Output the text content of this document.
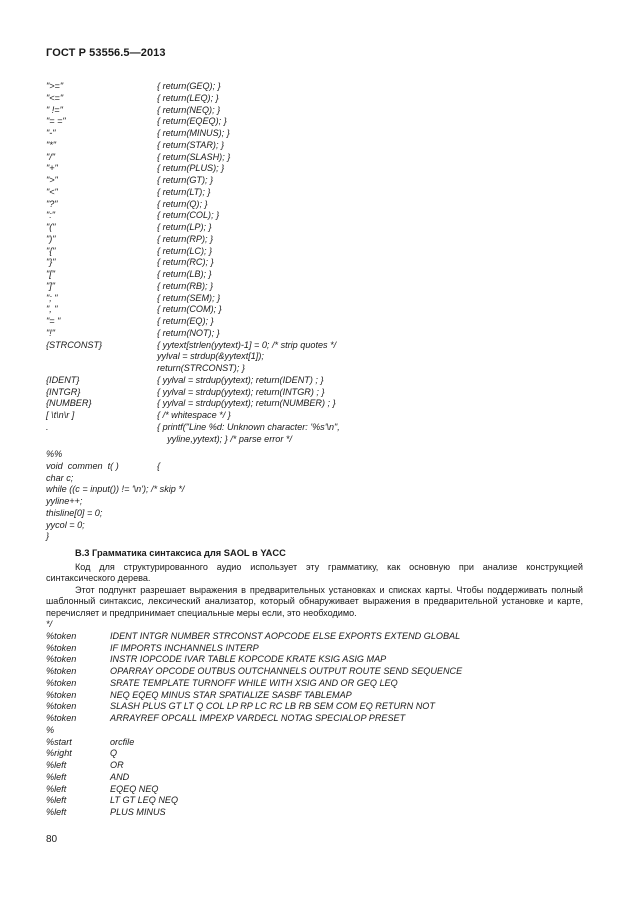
ГОСТ Р 53556.5—2013
">="	{ return(GEQ); }
"<="	{ return(LEQ); }
" !="	{ return(NEQ); }
"= ="	{ return(EQEQ); }
"-"	{ return(MINUS); }
"*"	{ return(STAR); }
"/"	{ return(SLASH); }
"+"	{ return(PLUS); }
">"	{ return(GT); }
"<"	{ return(LT); }
"?"	{ return(Q); }
":"	{ return(COL); }
"("	{ return(LP); }
")"	{ return(RP); }
"{"	{ return(LC); }
"}"	{ return(RC); }
"["	{ return(LB); }
"]"	{ return(RB); }
"; "	{ return(SEM); }
", "	{ return(COM); }
"= "	{ return(EQ); }
"!"	{ return(NOT); }
{STRCONST}	{ yytext[strlen(yytext)-1] = 0; /* strip quotes */
yylval = strdup(&yytext[1]);
return(STRCONST); }
{IDENT}	{ yylval = strdup(yytext); return(IDENT) ; }
{INTGR}	{ yylval = strdup(yytext); return(INTGR) ; }
{NUMBER}	{ yylval = strdup(yytext); return(NUMBER) ; }
[ \t\n\r ]	{ /* whitespace */ }
.	{ printf("Line %d: Unknown character: '%s'\n",
yyline,yytext); } /* parse error */
%%
void  commen  t( )	{
char c;
while ((c = input()) != '\n'); /* skip */
yyline++;
thisline[0] = 0;
yycol = 0;
}
В.3 Грамматика синтаксиса для SAOL в YACC
Код для структурированного аудио использует эту грамматику, как основную при анализе конструкцией синтаксического дерева.
Этот подпункт разрешает выражения в предварительных установках и списках карты. Чтобы поддерживать полный шаблонный синтаксис, лексический анализатор, который обнаруживает выражения в предварительной установке и карте, перечисляет и предпринимает специальные меры если, это необходимо.
*/
%token	IDENT INTGR NUMBER STRCONST AOPCODE ELSE EXPORTS EXTEND GLOBAL
%token	IF IMPORTS INCHANNELS INTERP
%token	INSTR IOPCODE IVAR TABLE KOPCODE KRATE KSIG ASIG MAP
%token	OPARRAY OPCODE OUTBUS OUTCHANNELS OUTPUT ROUTE SEND SEQUENCE
%token	SRATE TEMPLATE TURNOFF WHILE WITH XSIG AND OR GEQ LEQ
%token	NEQ EQEQ MINUS STAR SPATIALIZE SASBF TABLEMAP
%token	SLASH PLUS GT LT Q COL LP RP LC RC LB RB SEM COM EQ RETURN NOT
%token	ARRAYREF OPCALL IMPEXP VARDECL NOTAG SPECIALOP PRESET
%
%start	orcfile
%right	Q
%left	OR
%left	AND
%left	EQEQ NEQ
%left	LT GT LEQ NEQ
%left	PLUS MINUS
80
